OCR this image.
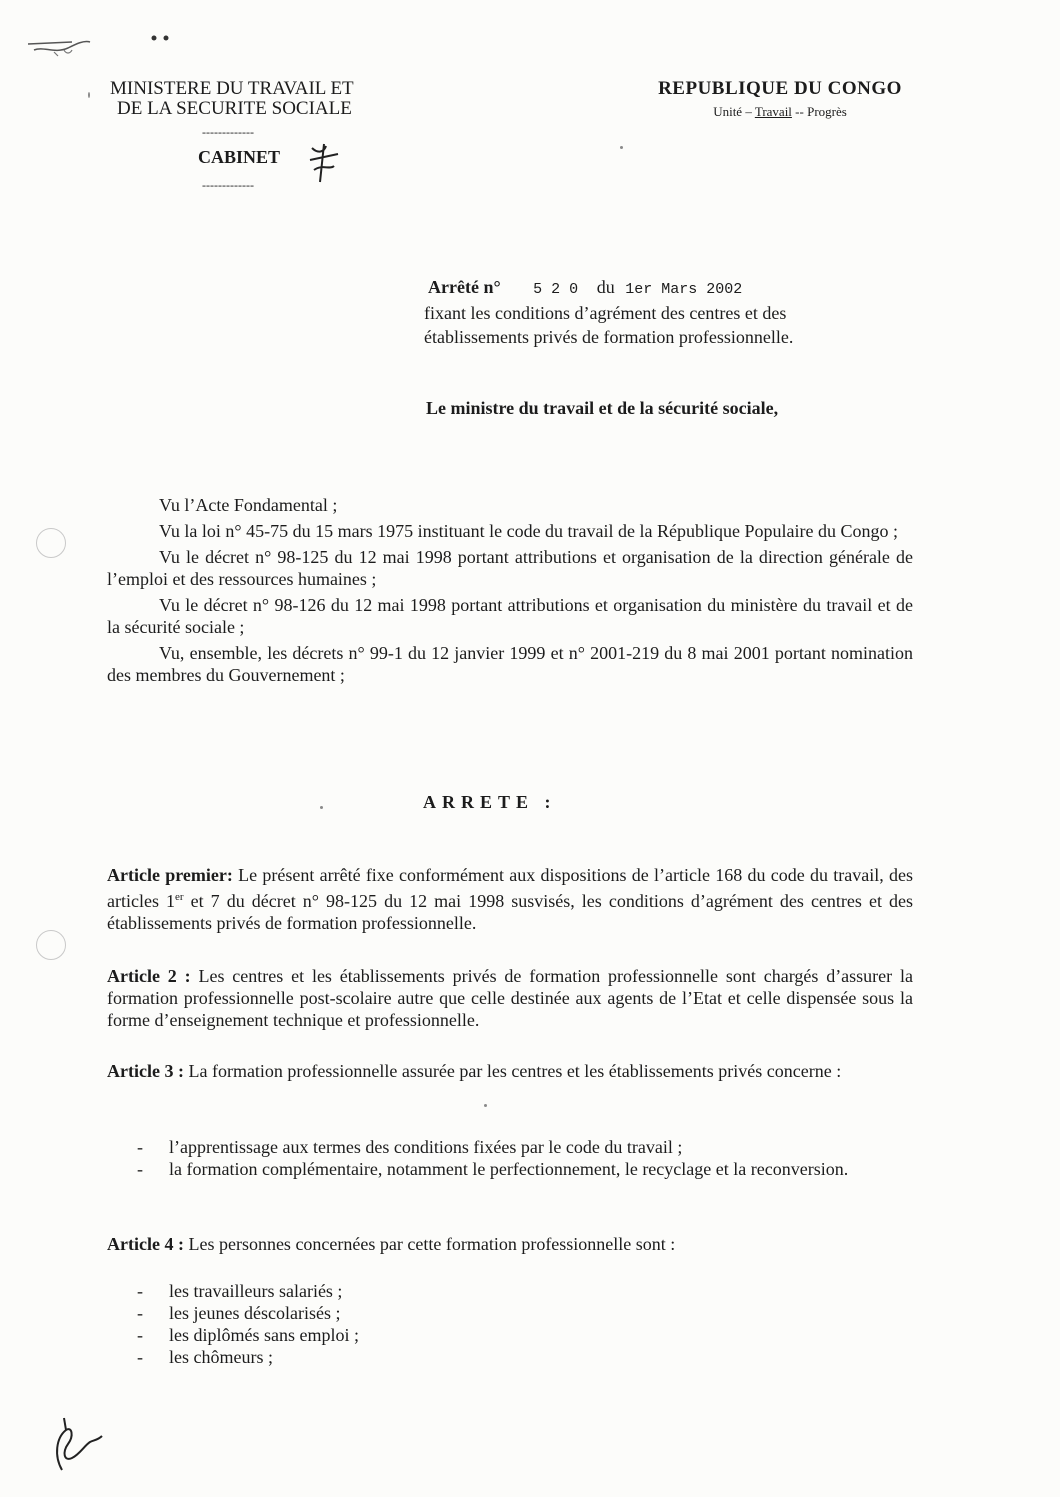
MINISTERE DU TRAVAIL ET
DE LA SECURITE SOCIALE
-------------
CABINET
-------------
REPUBLIQUE DU CONGO
Unité – Travail -- Progrès
Arrêté n° 5 2 0 du 1er Mars 2002
fixant les conditions d’agrément des centres et des
établissements privés de formation professionnelle.
Le ministre du travail et de la sécurité sociale,
Vu l’Acte Fondamental ;
Vu la loi n° 45-75 du 15 mars 1975 instituant le code du travail de la République Populaire du Congo ;
Vu le décret n° 98-125 du 12 mai 1998 portant attributions et organisation de la direction générale de l’emploi et des ressources humaines ;
Vu le décret n° 98-126 du 12 mai 1998 portant attributions et organisation du ministère du travail et de la sécurité sociale ;
Vu, ensemble, les décrets n° 99-1 du 12 janvier 1999 et n° 2001-219 du 8 mai 2001 portant nomination des membres du Gouvernement ;
ARRETE :
Article premier: Le présent arrêté fixe conformément aux dispositions de l’article 168 du code du travail, des articles 1er et 7 du décret n° 98-125 du 12 mai 1998 susvisés, les conditions d’agrément des centres et des établissements privés de formation professionnelle.
Article 2 : Les centres et les établissements privés de formation professionnelle sont chargés d’assurer la formation professionnelle post-scolaire autre que celle destinée aux agents de l’Etat et celle dispensée sous la forme d’enseignement technique et professionnelle.
Article 3 : La formation professionnelle assurée par les centres et les établissements privés concerne :
- l’apprentissage aux termes des conditions fixées par le code du travail ;
- la formation complémentaire, notamment le perfectionnement, le recyclage et la reconversion.
Article 4 : Les personnes concernées par cette formation professionnelle sont :
- les travailleurs salariés ;
- les jeunes déscolarisés ;
- les diplômés sans emploi ;
- les chômeurs ;
